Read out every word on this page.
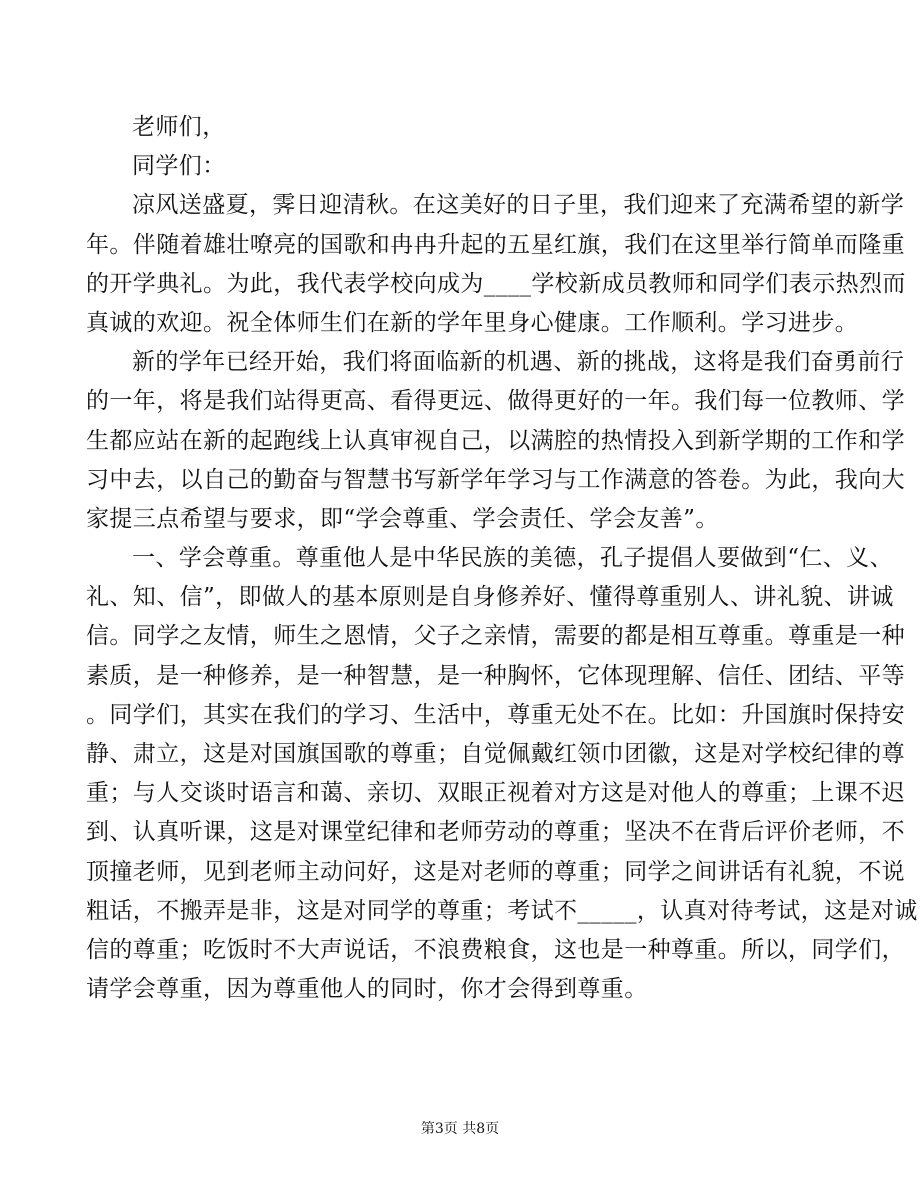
老师们，
同学们：
凉风送盛夏，霁日迎清秋。在这美好的日子里，我们迎来了充满希望的新学
年。伴随着雄壮嘹亮的国歌和冉冉升起的五星红旗，我们在这里举行简单而隆重
的开学典礼。为此，我代表学校向成为____学校新成员教师和同学们表示热烈而
真诚的欢迎。祝全体师生们在新的学年里身心健康。工作顺利。学习进步。
新的学年已经开始，我们将面临新的机遇、新的挑战，这将是我们奋勇前行
的一年，将是我们站得更高、看得更远、做得更好的一年。我们每一位教师、学
生都应站在新的起跑线上认真审视自己，以满腔的热情投入到新学期的工作和学
习中去，以自己的勤奋与智慧书写新学年学习与工作满意的答卷。为此，我向大
家提三点希望与要求，即“学会尊重、学会责任、学会友善”。
一、学会尊重。尊重他人是中华民族的美德，孔子提倡人要做到“仁、义、
礼、知、信”，即做人的基本原则是自身修养好、懂得尊重别人、讲礼貌、讲诚
信。同学之友情，师生之恩情，父子之亲情，需要的都是相互尊重。尊重是一种
素质，是一种修养，是一种智慧，是一种胸怀，它体现理解、信任、团结、平等
。同学们，其实在我们的学习、生活中，尊重无处不在。比如：升国旗时保持安
静、肃立，这是对国旗国歌的尊重；自觉佩戴红领巾团徽，这是对学校纪律的尊
重；与人交谈时语言和蔼、亲切、双眼正视着对方这是对他人的尊重；上课不迟
到、认真听课，这是对课堂纪律和老师劳动的尊重；坚决不在背后评价老师，不
顶撞老师，见到老师主动问好，这是对老师的尊重；同学之间讲话有礼貌，不说
粗话，不搬弄是非，这是对同学的尊重；考试不_____，认真对待考试，这是对诚
信的尊重；吃饭时不大声说话，不浪费粮食，这也是一种尊重。所以，同学们，
请学会尊重，因为尊重他人的同时，你才会得到尊重。
第3页 共8页
